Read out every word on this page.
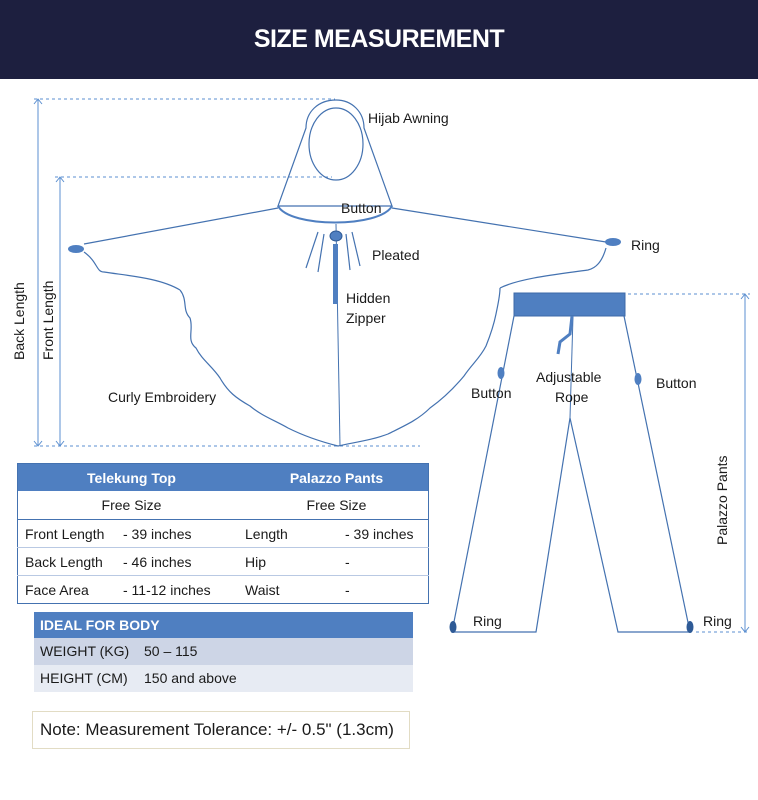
SIZE MEASUREMENT
Hijab Awning
Button
Ring
Pleated
Hidden
Zipper
Curly Embroidery
Back Length Front Length
Button
Adjustable
Rope
Button
Palazzo Pants
Ring	Ring
Telekung Top		Palazzo Pants	
Free Size		Free Size	
Front Length	- 39 inches	Length	- 39 inches
Back Length	- 46 inches	Hip	-
Face Area	- 11-12 inches	Waist	-
IDEAL FOR BODY
WEIGHT (KG) 50 – 115
HEIGHT (CM) 150 and above
Note: Measurement Tolerance: +/- 0.5" (1.3cm)
